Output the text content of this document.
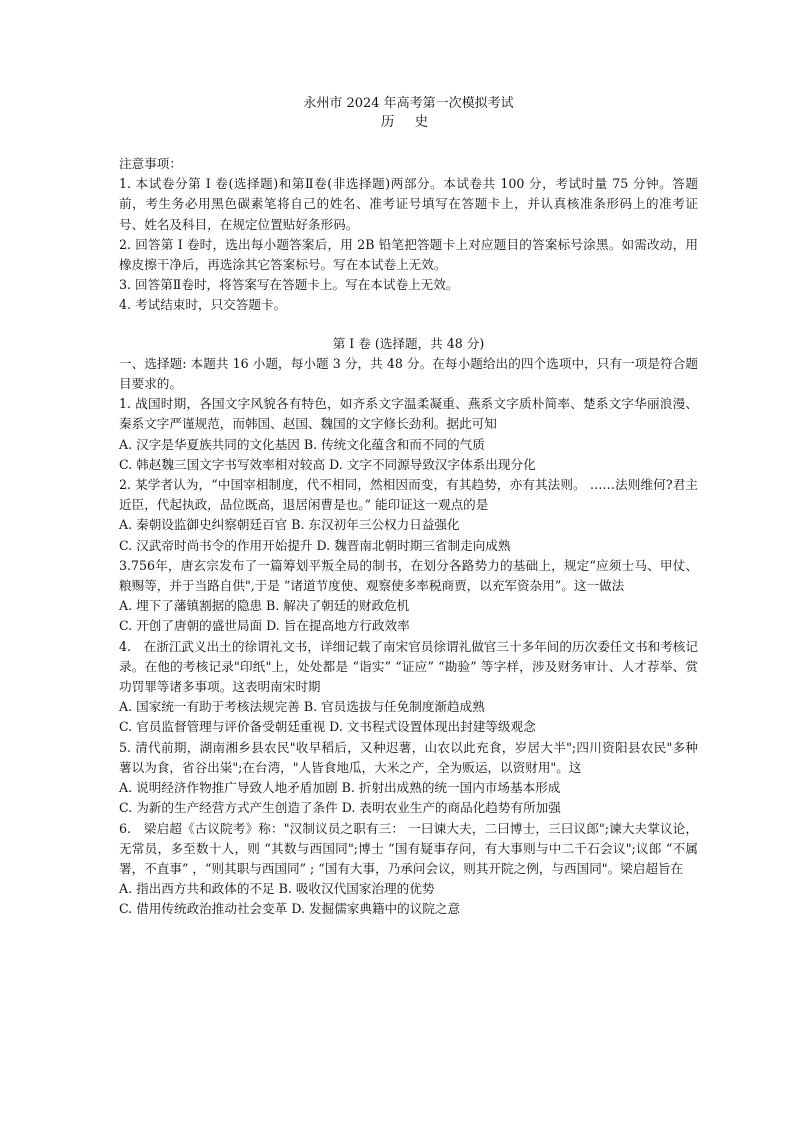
永州市 2024 年高考第一次模拟考试
历 史

注意事项：

1. 本试卷分第 I 卷(选择题)和第Ⅱ卷(非选择题)两部分。本试卷共 100 分，考试时量 75 分钟。答题前，考生务必用黑色碳素笔将自己的姓名、准考证号填写在答题卡上，并认真核准条形码上的准考证号、姓名及科目，在规定位置贴好条形码。

2. 回答第 I 卷时，选出每小题答案后，用 2B 铅笔把答题卡上对应题目的答案标号涂黑。如需改动，用橡皮擦干净后，再选涂其它答案标号。写在本试卷上无效。

3. 回答第Ⅱ卷时，将答案写在答题卡上。写在本试卷上无效。

4. 考试结束时，只交答题卡。

第 I 卷 (选择题，共 48 分)

一、选择题: 本题共 16 小题，每小题 3 分，共 48 分。在每小题给出的四个选项中，只有一项是符合题目要求的。

1. 战国时期，各国文字风貌各有特色，如齐系文字温柔凝重、燕系文字质朴简率、楚系文字华丽浪漫、秦系文字严谨规范，而韩国、赵国、魏国的文字修长劲利。据此可知

A. 汉字是华夏族共同的文化基因 B. 传统文化蕴含和而不同的气质

C. 韩赵魏三国文字书写效率相对较高 D. 文字不同源导致汉字体系出现分化

2. 某学者认为，“中国宰相制度，代不相同，然相因而变，有其趋势，亦有其法则。 ……法则维何?君主近臣，代起执政，品位既高，退居闲曹是也。” 能印证这一观点的是

A. 秦朝设监御史纠察朝廷百官 B. 东汉初年三公权力日益强化

C. 汉武帝时尚书令的作用开始提升 D. 魏晋南北朝时期三省制走向成熟

3.756年，唐玄宗发布了一篇筹划平叛全局的制书，在划分各路势力的基础上，规定“应须士马、甲仗、粮赐等，并于当路自供",于是 “诸道节度使、观察使多率税商贾，以充军资杂用”。这一做法

A. 埋下了藩镇割据的隐患 B. 解决了朝廷的财政危机

C. 开创了唐朝的盛世局面 D. 旨在提高地方行政效率

4.　在浙江武义出土的徐谓礼文书，详细记载了南宋官员徐谓礼做官三十多年间的历次委任文书和考核记录。在他的考核记录"印纸"上，处处都是 “诣实” “证应” “勘验” 等字样，涉及财务审计、人才荐举、赏功罚罪等诸多事项。这表明南宋时期

A. 国家统一有助于考核法规完善 B. 官员选拔与任免制度渐趋成熟

C. 官员监督管理与评价备受朝廷重视 D. 文书程式设置体现出封建等级观念

5. 清代前期，湖南湘乡县农民"收早稻后，又种迟薯，山农以此充食，岁居大半";四川资阳县农民"多种薯以为食，省谷出粜";在台湾，"人皆食地瓜，大米之产，全为贩运，以资财用"。这

A. 说明经济作物推广导致人地矛盾加剧 B. 折射出成熟的统一国内市场基本形成

C. 为新的生产经营方式产生创造了条件 D. 表明农业生产的商品化趋势有所加强

6.　梁启超《古议院考》称："汉制议员之职有三： 一曰谏大夫，二曰博士，三曰议郎";谏大夫掌议论，无常员，多至数十人，则 “其数与西国同";博士 “国有疑事存问，有大事则与中二千石会议";议郎 “不属署，不直事” ，“则其职与西国同” ; “国有大事，乃承问会议，则其开院之例，与西国同"。梁启超旨在

A. 指出西方共和政体的不足 B. 吸收汉代国家治理的优势

C. 借用传统政治推动社会变革 D. 发掘儒家典籍中的议院之意
